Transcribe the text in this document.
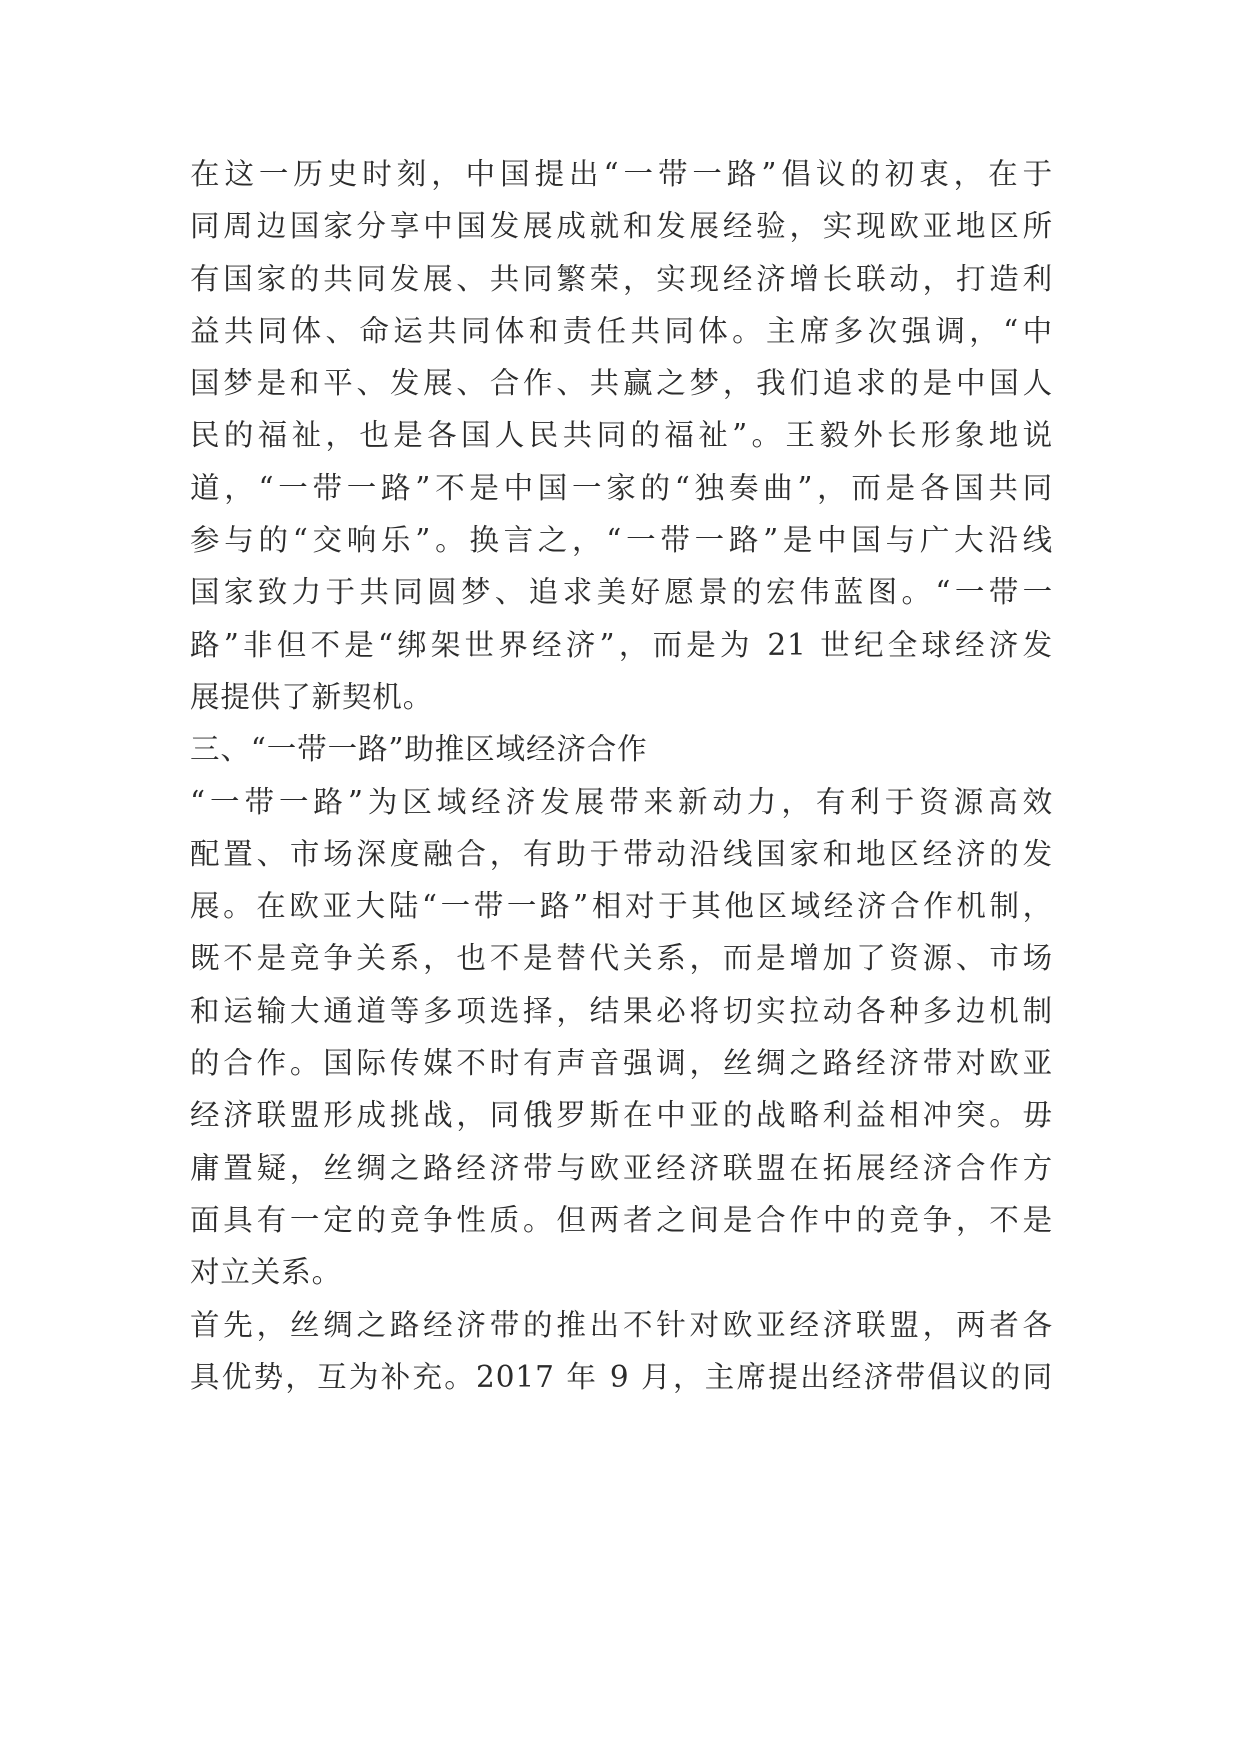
在这一历史时刻，中国提出“一带一路”倡议的初衷，在于
同周边国家分享中国发展成就和发展经验，实现欧亚地区所
有国家的共同发展、共同繁荣，实现经济增长联动，打造利
益共同体、命运共同体和责任共同体。主席多次强调，“中
国梦是和平、发展、合作、共赢之梦，我们追求的是中国人
民的福祉，也是各国人民共同的福祉”。王毅外长形象地说
道，“一带一路”不是中国一家的“独奏曲”，而是各国共同
参与的“交响乐”。换言之，“一带一路”是中国与广大沿线
国家致力于共同圆梦、追求美好愿景的宏伟蓝图。“一带一
路”非但不是“绑架世界经济”，而是为 21 世纪全球经济发
展提供了新契机。
三、“一带一路”助推区域经济合作
“一带一路”为区域经济发展带来新动力，有利于资源高效
配置、市场深度融合，有助于带动沿线国家和地区经济的发
展。在欧亚大陆“一带一路”相对于其他区域经济合作机制，
既不是竞争关系，也不是替代关系，而是增加了资源、市场
和运输大通道等多项选择，结果必将切实拉动各种多边机制
的合作。国际传媒不时有声音强调，丝绸之路经济带对欧亚
经济联盟形成挑战，同俄罗斯在中亚的战略利益相冲突。毋
庸置疑，丝绸之路经济带与欧亚经济联盟在拓展经济合作方
面具有一定的竞争性质。但两者之间是合作中的竞争，不是
对立关系。
首先，丝绸之路经济带的推出不针对欧亚经济联盟，两者各
具优势，互为补充。2017 年 9 月，主席提出经济带倡议的同
